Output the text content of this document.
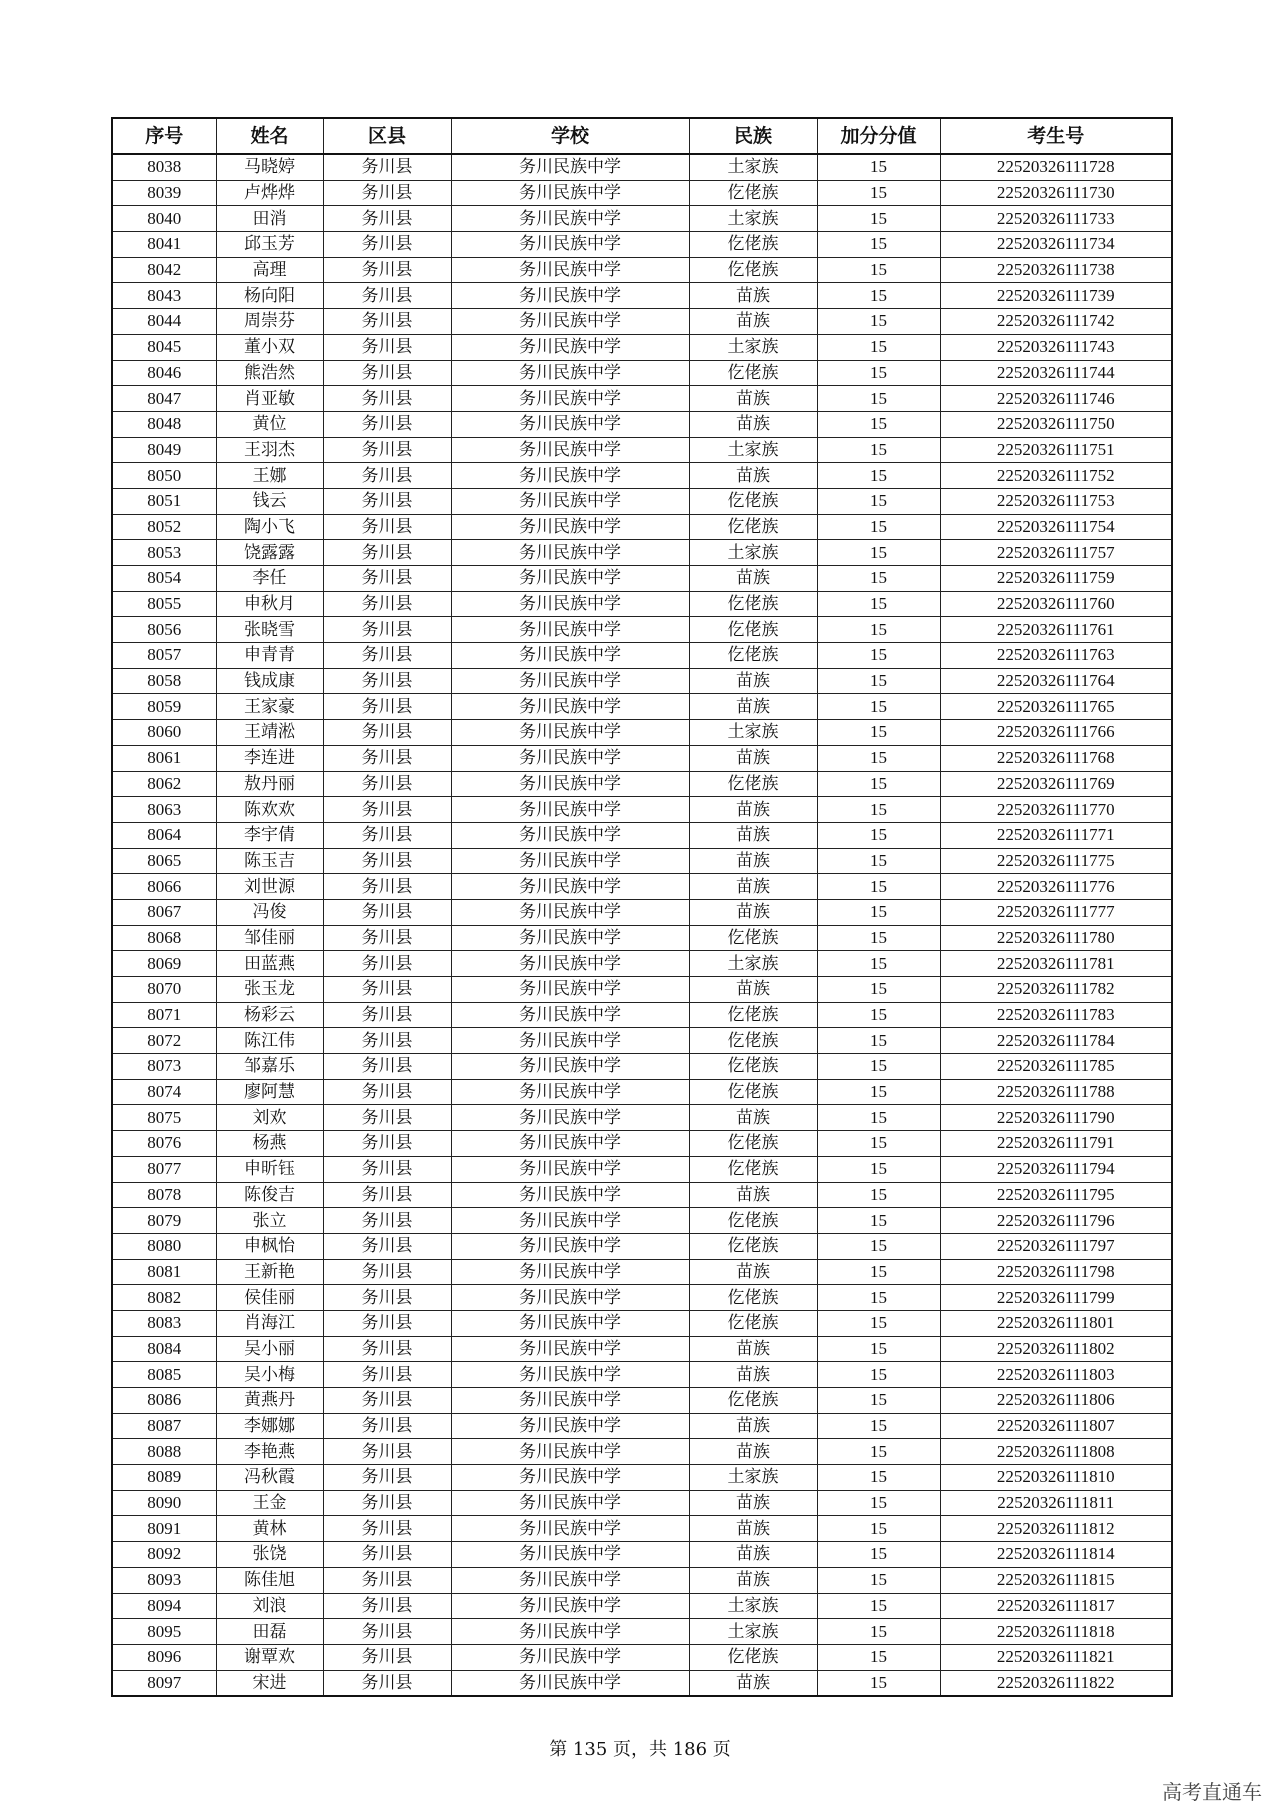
序号	姓名	区县	学校	民族	加分分值	考生号
8038	马晓婷	务川县	务川民族中学	土家族	15	22520326111728
8039	卢烨烨	务川县	务川民族中学	仡佬族	15	22520326111730
8040	田消	务川县	务川民族中学	土家族	15	22520326111733
8041	邱玉芳	务川县	务川民族中学	仡佬族	15	22520326111734
8042	高理	务川县	务川民族中学	仡佬族	15	22520326111738
8043	杨向阳	务川县	务川民族中学	苗族	15	22520326111739
8044	周崇芬	务川县	务川民族中学	苗族	15	22520326111742
8045	董小双	务川县	务川民族中学	土家族	15	22520326111743
8046	熊浩然	务川县	务川民族中学	仡佬族	15	22520326111744
8047	肖亚敏	务川县	务川民族中学	苗族	15	22520326111746
8048	黄位	务川县	务川民族中学	苗族	15	22520326111750
8049	王羽杰	务川县	务川民族中学	土家族	15	22520326111751
8050	王娜	务川县	务川民族中学	苗族	15	22520326111752
8051	钱云	务川县	务川民族中学	仡佬族	15	22520326111753
8052	陶小飞	务川县	务川民族中学	仡佬族	15	22520326111754
8053	饶露露	务川县	务川民族中学	土家族	15	22520326111757
8054	李任	务川县	务川民族中学	苗族	15	22520326111759
8055	申秋月	务川县	务川民族中学	仡佬族	15	22520326111760
8056	张晓雪	务川县	务川民族中学	仡佬族	15	22520326111761
8057	申青青	务川县	务川民族中学	仡佬族	15	22520326111763
8058	钱成康	务川县	务川民族中学	苗族	15	22520326111764
8059	王家豪	务川县	务川民族中学	苗族	15	22520326111765
8060	王靖淞	务川县	务川民族中学	土家族	15	22520326111766
8061	李连进	务川县	务川民族中学	苗族	15	22520326111768
8062	敖丹丽	务川县	务川民族中学	仡佬族	15	22520326111769
8063	陈欢欢	务川县	务川民族中学	苗族	15	22520326111770
8064	李宇倩	务川县	务川民族中学	苗族	15	22520326111771
8065	陈玉吉	务川县	务川民族中学	苗族	15	22520326111775
8066	刘世源	务川县	务川民族中学	苗族	15	22520326111776
8067	冯俊	务川县	务川民族中学	苗族	15	22520326111777
8068	邹佳丽	务川县	务川民族中学	仡佬族	15	22520326111780
8069	田蓝燕	务川县	务川民族中学	土家族	15	22520326111781
8070	张玉龙	务川县	务川民族中学	苗族	15	22520326111782
8071	杨彩云	务川县	务川民族中学	仡佬族	15	22520326111783
8072	陈江伟	务川县	务川民族中学	仡佬族	15	22520326111784
8073	邹嘉乐	务川县	务川民族中学	仡佬族	15	22520326111785
8074	廖阿慧	务川县	务川民族中学	仡佬族	15	22520326111788
8075	刘欢	务川县	务川民族中学	苗族	15	22520326111790
8076	杨燕	务川县	务川民族中学	仡佬族	15	22520326111791
8077	申昕钰	务川县	务川民族中学	仡佬族	15	22520326111794
8078	陈俊吉	务川县	务川民族中学	苗族	15	22520326111795
8079	张立	务川县	务川民族中学	仡佬族	15	22520326111796
8080	申枫怡	务川县	务川民族中学	仡佬族	15	22520326111797
8081	王新艳	务川县	务川民族中学	苗族	15	22520326111798
8082	侯佳丽	务川县	务川民族中学	仡佬族	15	22520326111799
8083	肖海江	务川县	务川民族中学	仡佬族	15	22520326111801
8084	吴小丽	务川县	务川民族中学	苗族	15	22520326111802
8085	吴小梅	务川县	务川民族中学	苗族	15	22520326111803
8086	黄燕丹	务川县	务川民族中学	仡佬族	15	22520326111806
8087	李娜娜	务川县	务川民族中学	苗族	15	22520326111807
8088	李艳燕	务川县	务川民族中学	苗族	15	22520326111808
8089	冯秋霞	务川县	务川民族中学	土家族	15	22520326111810
8090	王金	务川县	务川民族中学	苗族	15	22520326111811
8091	黄林	务川县	务川民族中学	苗族	15	22520326111812
8092	张饶	务川县	务川民族中学	苗族	15	22520326111814
8093	陈佳旭	务川县	务川民族中学	苗族	15	22520326111815
8094	刘浪	务川县	务川民族中学	土家族	15	22520326111817
8095	田磊	务川县	务川民族中学	土家族	15	22520326111818
8096	谢覃欢	务川县	务川民族中学	仡佬族	15	22520326111821
8097	宋进	务川县	务川民族中学	苗族	15	22520326111822
第 135 页，共 186 页
高考直通车
